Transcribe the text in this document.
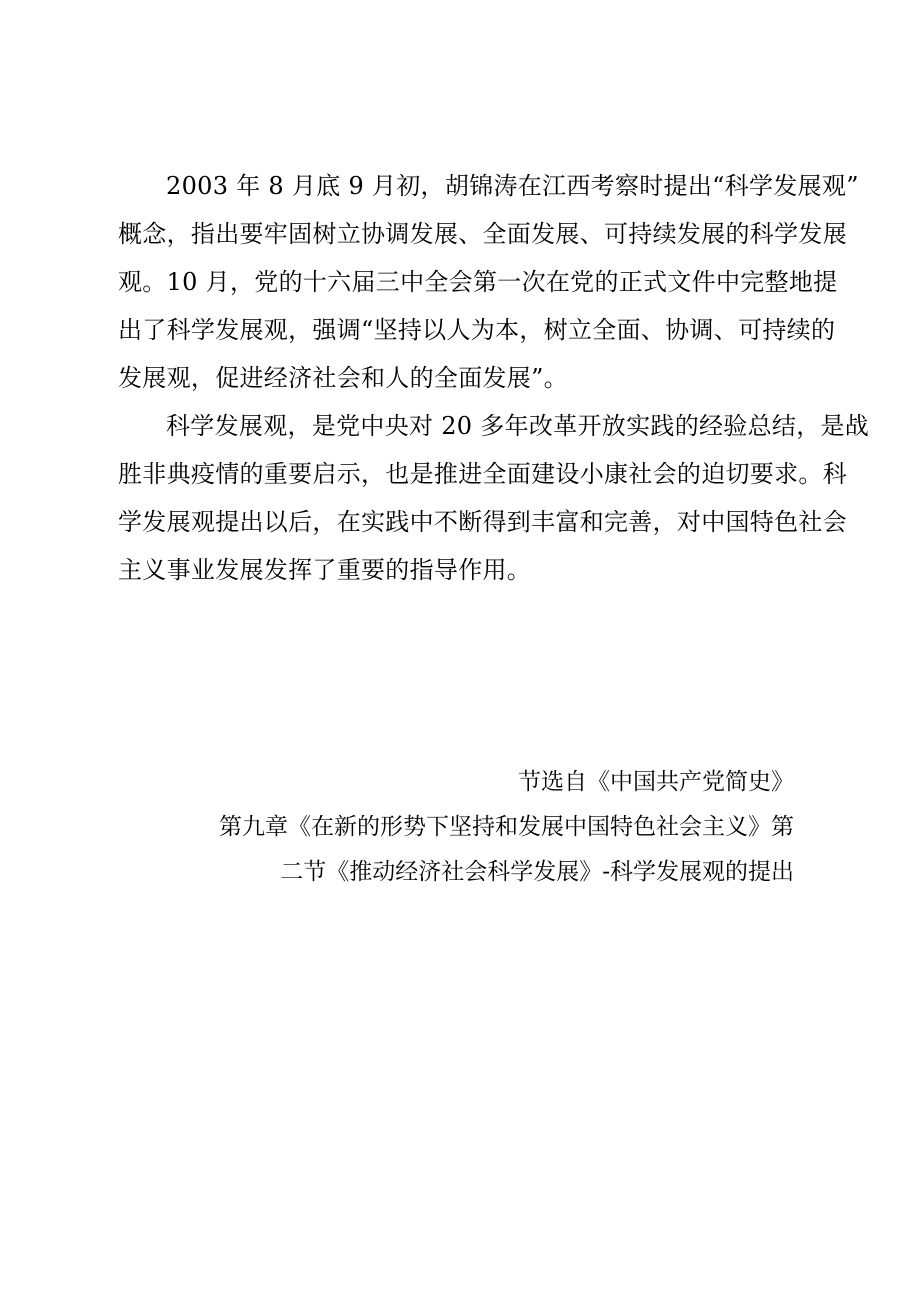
2003 年 8 月底 9 月初，胡锦涛在江西考察时提出“科学发展观”
概念，指出要牢固树立协调发展、全面发展、可持续发展的科学发展
观。10 月，党的十六届三中全会第一次在党的正式文件中完整地提
出了科学发展观，强调“坚持以人为本，树立全面、协调、可持续的
发展观，促进经济社会和人的全面发展”。
科学发展观，是党中央对 20 多年改革开放实践的经验总结，是战
胜非典疫情的重要启示，也是推进全面建设小康社会的迫切要求。科
学发展观提出以后，在实践中不断得到丰富和完善，对中国特色社会
主义事业发展发挥了重要的指导作用。
节选自《中国共产党简史》
第九章《在新的形势下坚持和发展中国特色社会主义》第
二节《推动经济社会科学发展》-科学发展观的提出
